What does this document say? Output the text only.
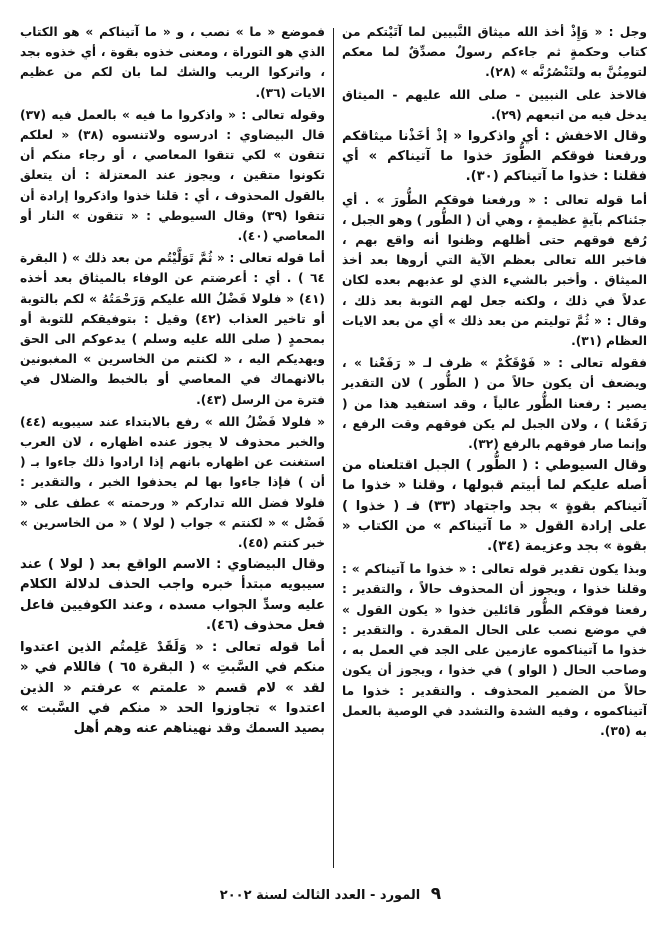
وجل : « وَإِذْ أخذ الله ميثاق النَّبيين لما آتَيْتكم من كتاب وحكمةٍ ثم جاءكم رسولٌ مصدِّقٌ لما معكم لتومِنُنَّ به ولتَنْصُرُنَّه » (٢٨).

فالاخذ على النبيين - صلى الله عليهم - الميثاق يدخل فيه من اتبعهم (٢٩).

وقال الاخفش : أي واذكروا « إذْ أخَذْنا ميثاقكم ورفعنا فوقكم الطُّورَ خذوا ما آتيناكم » أي فقلنا : خذوا ما آتيناكم (٣٠).

أما قوله تعالى : « ورفعنا فوقكم الطُّورَ » . أي جئناكم بآيةٍ عظيمةٍ ، وهي أن ( الطُّور ) وهو الجبل ، رُفع فوقهم حتى أظلهم وظنوا أنه واقع بهم ، فاخبر الله تعالى بعظم الآية التي أروها بعد أخذ الميثاق . وأخبر بالشيء الذي لو عذبهم بعده لكان عدلاً في ذلك ، ولكنه جعل لهم التوبة بعد ذلك ، وقال : « ثُمَّ توليتم من بعد ذلك » أي من بعد الايات العظام (٣١).

فقوله تعالى : « فَوْقَكُمْ » ظرف لـ « رَفَعْنا » ، ويضعف أن يكون حالاً من ( الطُّور ) لان التقدير يصير : رفعنا الطُّور عالياً ، وقد استفيد هذا من ( رَفَعْنا ) ، ولان الجبل لم يكن فوقهم وقت الرفع ، وإنما صار فوقهم بالرفع (٣٢).

وقال السيوطي : ( الطُّور ) الجبل اقتلعناه من أصله عليكم لما أبيتم قبولها ، وقلنا « خذوا ما آتيناكم بقوةٍ » بجد واجتهاد (٣٣) فـ ( خذوا ) على إرادة القول « ما آتيناكم » من الكتاب « بقوة » بجد وعزيمة (٣٤).

وبذا يكون تقدير قوله تعالى : « خذوا ما آتيناكم » : وقلنا خذوا ، ويجوز أن المحذوف حالاً ، والتقدير : رفعنا فوقكم الطُّور قائلين خذوا « يكون القول » في موضع نصب على الحال المقدرة . والتقدير : خذوا ما آتيناكموه عازمين على الجد في العمل به ، وصاحب الحال ( الواو ) في خذوا ، ويجوز أن يكون حالاً من الضمير المحذوف . والتقدير : خذوا ما آتيناكموه ، وفيه الشدة والتشدد في الوصية بالعمل به (٣٥).

فموضع « ما » نصب ، و « ما آتيناكم » هو الكتاب الذي هو التوراة ، ومعنى خذوه بقوة ، أي خذوه بجد ، واتركوا الريب والشك لما بان لكم من عظيم الايات (٣٦).

وقوله تعالى : « واذكروا ما فيه » بالعمل فيه (٣٧) قال البيضاوي : ادرسوه ولاتنسوه (٣٨) « لعلكم تتقون » لكي تتقوا المعاصي ، أو رجاء منكم أن تكونوا متقين ، ويجوز عند المعتزلة : أن يتعلق بالقول المحذوف ، أي : قلنا خذوا واذكروا إرادة أن تتقوا (٣٩) وقال السيوطي : « تتقون » النار أو المعاصي (٤٠).

أما قوله تعالى : « ثُمَّ تَوَلَّيْتُم من بعد ذلك » ( البقرة ٦٤ ) . أي : أعرضتم عن الوفاء بالميثاق بعد أخذه (٤١) « فلولا فَضْلُ الله عليكم وَرَحْمَتُهُ » لكم بالتوبة أو تاخير العذاب (٤٢) وقيل : بتوفيقكم للتوبة أو بمحمدٍ ( صلى الله عليه وسلم ) يدعوكم الى الحق ويهديكم اليه ، « لكنتم من الخاسرين » المغبونين بالانهماك في المعاصي أو بالخبط والضلال في فترة من الرسل (٤٣).

« فلولا فَضْلُ الله » رفع بالابتداء عند سيبويه (٤٤) والخبر محذوف لا يجوز عنده اظهاره ، لان العرب استغنت عن اظهاره بانهم إذا ارادوا ذلك جاءوا بـ ( أن ) فإذا جاءوا بها لم يحذفوا الخبر ، والتقدير : فلولا فضل الله تداركم « ورحمته » عطف على « فَضْل » « لكنتم » جواب ( لولا ) « من الخاسرين » خبر كنتم (٤٥).

وقال البيضاوي : الاسم الواقع بعد ( لولا ) عند سيبويه مبتدأ خبره واجب الحذف لدلالة الكلام عليه وسدِّ الجواب مسده ، وعند الكوفيين فاعل فعل محذوف (٤٦).

أما قوله تعالى : « وَلَقَدْ عَلِمتُم الذين اعتدوا منكم في السَّبتِ » ( البقرة ٦٥ ) فاللام في « لقد » لام قسم « علمتم » عرفتم « الذين اعتدوا » تجاوزوا الحد « منكم في السَّبت » بصيد السمك وقد نهيناهم عنه وهم أهل

٩ المورد - العدد الثالث لسنة ٢٠٠٢
